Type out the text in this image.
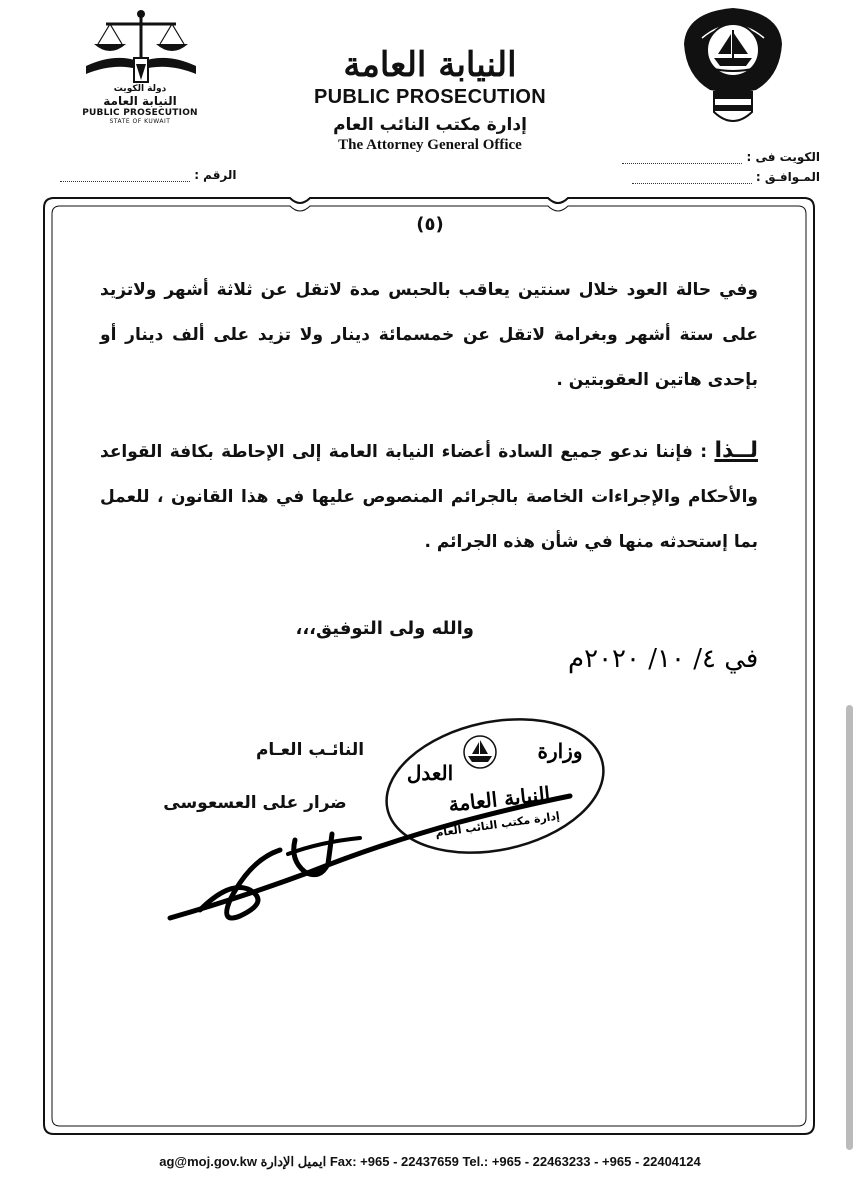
دولة الكويت
النيابة العامة
PUBLIC PROSECUTION
STATE OF KUWAIT
النيابة العامة
PUBLIC PROSECUTION
إدارة مكتب النائب العام
The Attorney General Office
الكويت فى :
المـوافـق :
الرقم :
(٥)
وفي حالة العود خلال سنتين يعاقب بالحبس مدة لاتقل عن ثلاثة أشهر ولاتزيد على ستة أشهر وبغرامة لاتقل عن خمسمائة دينار ولا تزيد على ألف دينار أو بإحدى هاتين العقوبتين .
لــذا : فإننا ندعو جميع السادة أعضاء النيابة العامة إلى الإحاطة بكافة القواعد والأحكام والإجراءات الخاصة بالجرائم المنصوص عليها في هذا القانون ، للعمل بما إستحدثه منها في شأن هذه الجرائم .
والله ولى التوفيق،،،
في ٤/ ١٠/ ٢٠٢٠م
وزارة
العدل
النيابة العامة
إدارة مكتب النائب العام
النائـب العـام
ضرار على العسعوسى
ag@moj.gov.kw ايميل الإدارة Fax: +965 - 22437659 Tel.: +965 - 22463233 - +965 - 22404124
